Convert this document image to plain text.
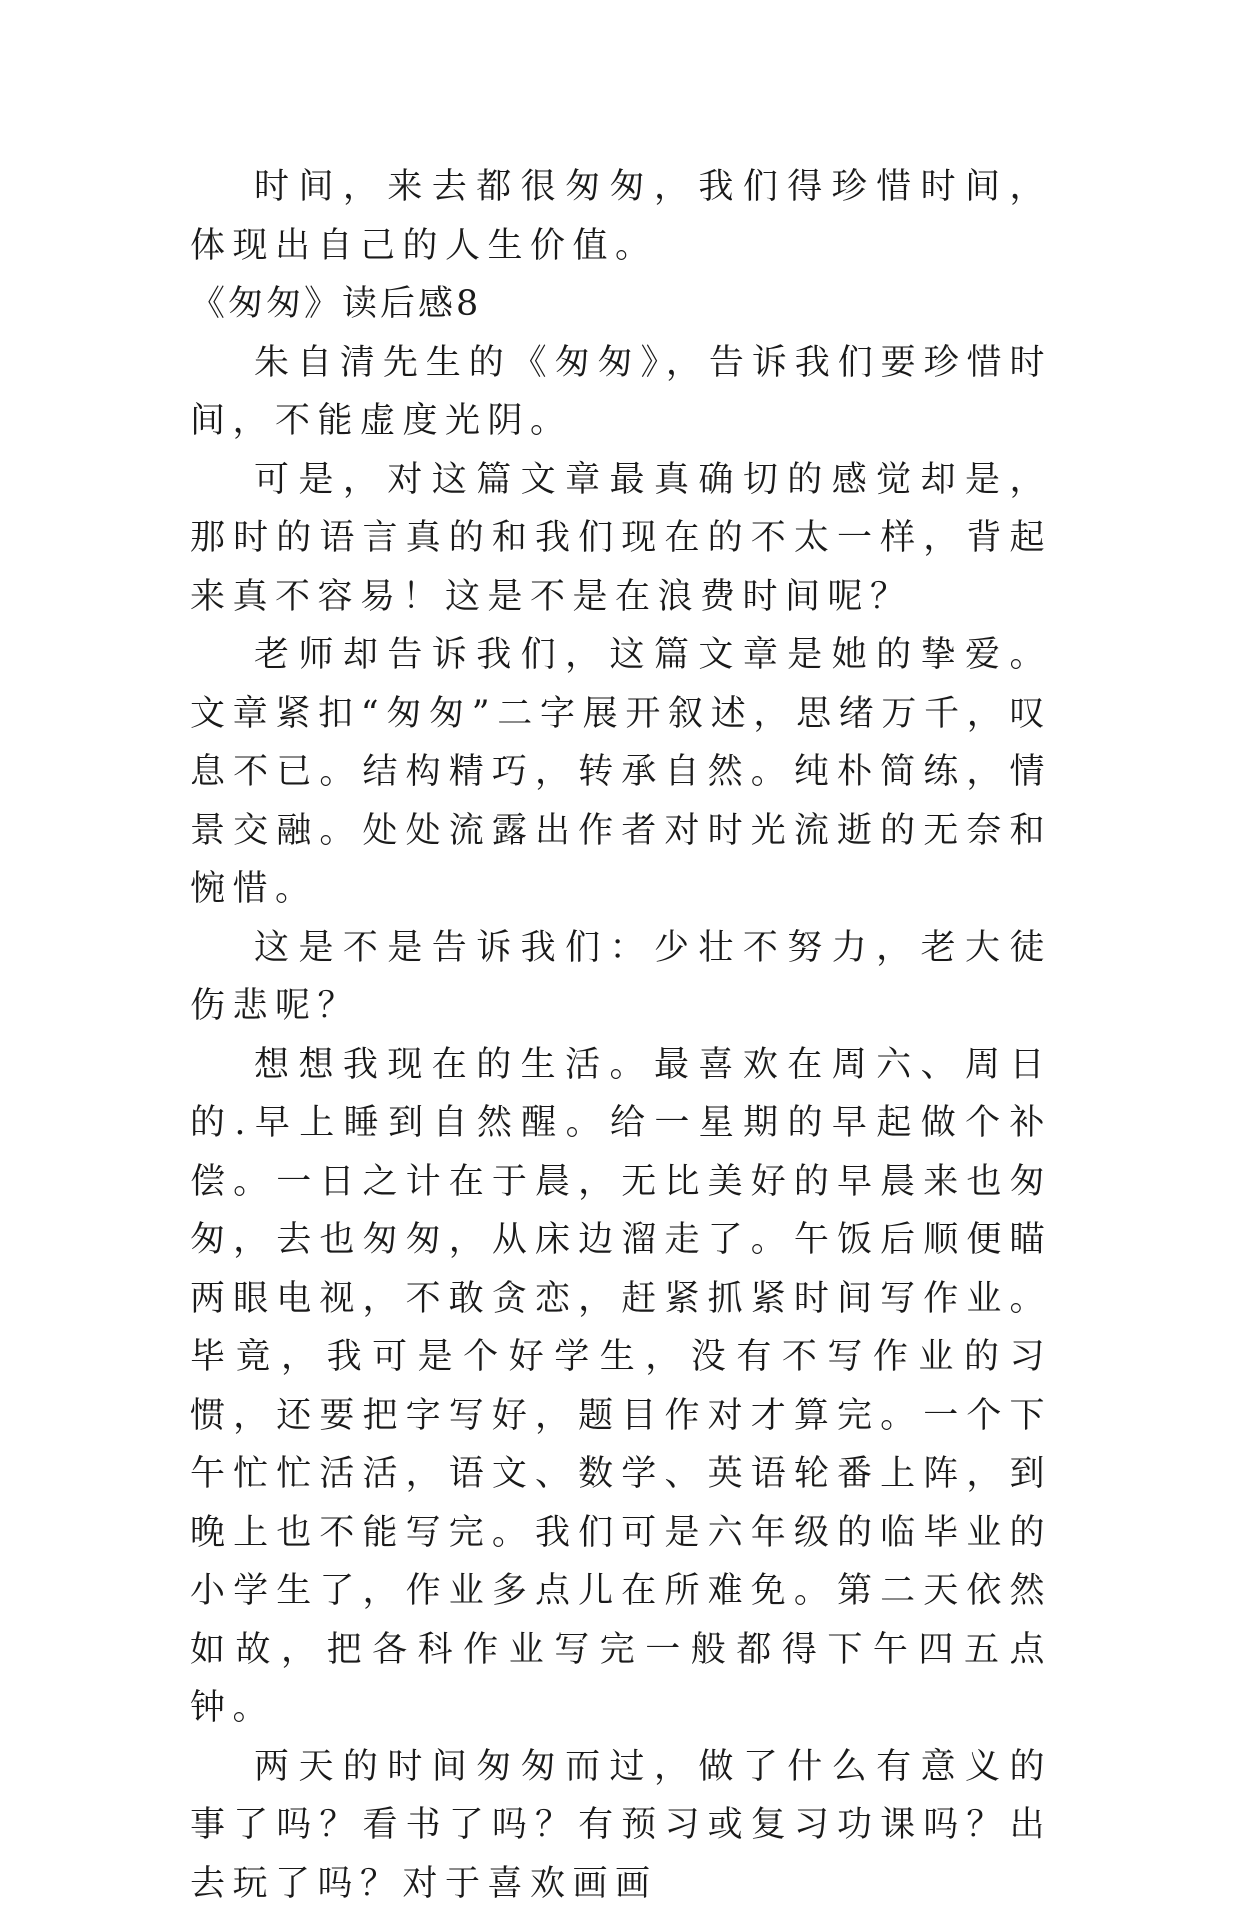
时间，来去都很匆匆，我们得珍惜时间，体现出自己的人生价值。

《匆匆》读后感8

朱自清先生的《匆匆》，告诉我们要珍惜时间，不能虚度光阴。

可是，对这篇文章最真确切的感觉却是，那时的语言真的和我们现在的不太一样，背起来真不容易！这是不是在浪费时间呢？

老师却告诉我们，这篇文章是她的挚爱。文章紧扣“匆匆”二字展开叙述，思绪万千，叹息不已。结构精巧，转承自然。纯朴简练，情景交融。处处流露出作者对时光流逝的无奈和惋惜。

这是不是告诉我们：少壮不努力，老大徒伤悲呢？

想想我现在的生活。最喜欢在周六、周日的.早上睡到自然醒。给一星期的早起做个补偿。一日之计在于晨，无比美好的早晨来也匆匆，去也匆匆，从床边溜走了。午饭后顺便瞄两眼电视，不敢贪恋，赶紧抓紧时间写作业。毕竟，我可是个好学生，没有不写作业的习惯，还要把字写好，题目作对才算完。一个下午忙忙活活，语文、数学、英语轮番上阵，到晚上也不能写完。我们可是六年级的临毕业的小学生了，作业多点儿在所难免。第二天依然如故，把各科作业写完一般都得下午四五点钟。

两天的时间匆匆而过，做了什么有意义的事了吗？看书了吗？有预习或复习功课吗？出去玩了吗？对于喜欢画画
